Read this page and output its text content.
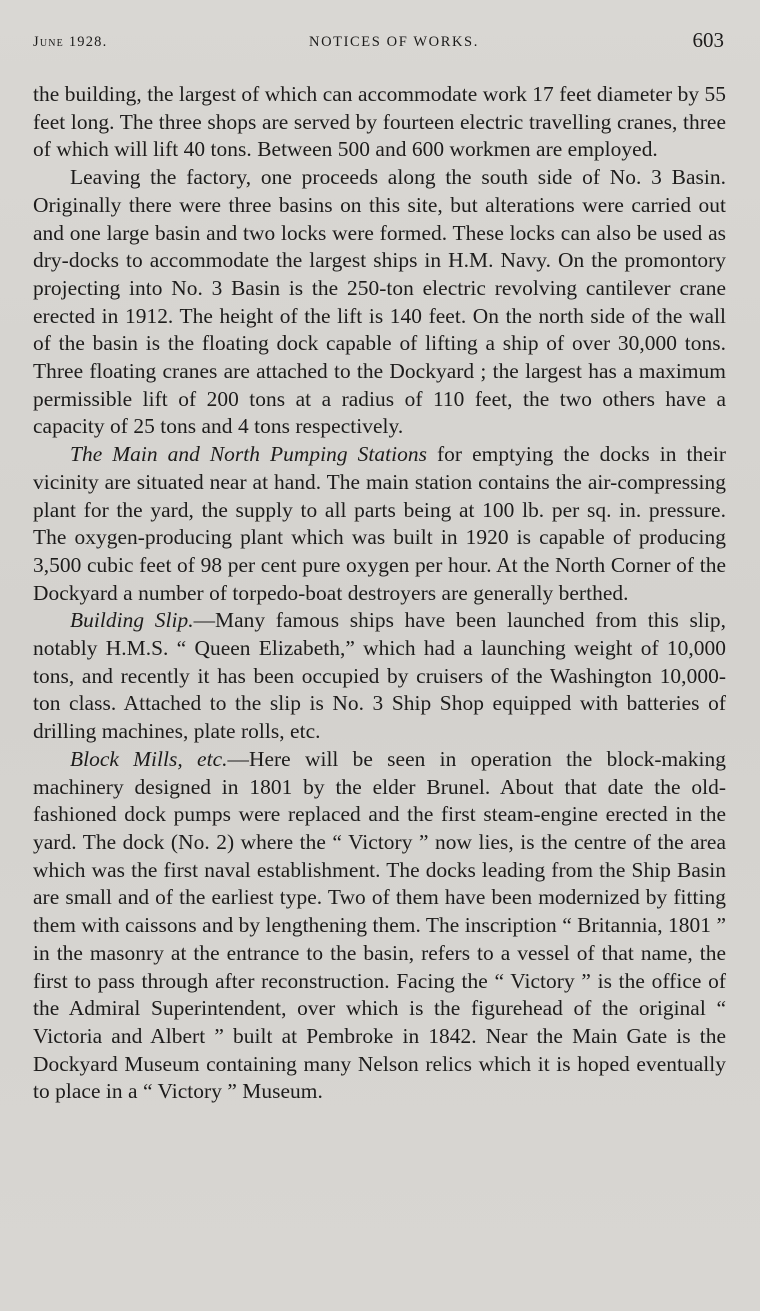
June 1928.	NOTICES OF WORKS.	603

the building, the largest of which can accommodate work 17 feet diameter by 55 feet long. The three shops are served by fourteen electric travelling cranes, three of which will lift 40 tons. Between 500 and 600 workmen are employed.

Leaving the factory, one proceeds along the south side of No. 3 Basin. Originally there were three basins on this site, but alterations were carried out and one large basin and two locks were formed. These locks can also be used as dry-docks to accommodate the largest ships in H.M. Navy. On the promontory projecting into No. 3 Basin is the 250-ton electric revolving cantilever crane erected in 1912. The height of the lift is 140 feet. On the north side of the wall of the basin is the floating dock capable of lifting a ship of over 30,000 tons. Three floating cranes are attached to the Dockyard ; the largest has a maximum permissible lift of 200 tons at a radius of 110 feet, the two others have a capacity of 25 tons and 4 tons respectively.

The Main and North Pumping Stations for emptying the docks in their vicinity are situated near at hand. The main station contains the air-compressing plant for the yard, the supply to all parts being at 100 lb. per sq. in. pressure. The oxygen-producing plant which was built in 1920 is capable of producing 3,500 cubic feet of 98 per cent pure oxygen per hour. At the North Corner of the Dockyard a number of torpedo-boat destroyers are generally berthed.

Building Slip.—Many famous ships have been launched from this slip, notably H.M.S. “ Queen Elizabeth,” which had a launching weight of 10,000 tons, and recently it has been occupied by cruisers of the Washington 10,000-ton class. Attached to the slip is No. 3 Ship Shop equipped with batteries of drilling machines, plate rolls, etc.

Block Mills, etc.—Here will be seen in operation the block-making machinery designed in 1801 by the elder Brunel. About that date the old-fashioned dock pumps were replaced and the first steam-engine erected in the yard. The dock (No. 2) where the “ Victory ” now lies, is the centre of the area which was the first naval establishment. The docks leading from the Ship Basin are small and of the earliest type. Two of them have been modernized by fitting them with caissons and by lengthening them. The inscription “ Britannia, 1801 ” in the masonry at the entrance to the basin, refers to a vessel of that name, the first to pass through after reconstruction. Facing the “ Victory ” is the office of the Admiral Superintendent, over which is the figurehead of the original “ Victoria and Albert ” built at Pembroke in 1842. Near the Main Gate is the Dockyard Museum containing many Nelson relics which it is hoped eventually to place in a “ Victory ” Museum.
